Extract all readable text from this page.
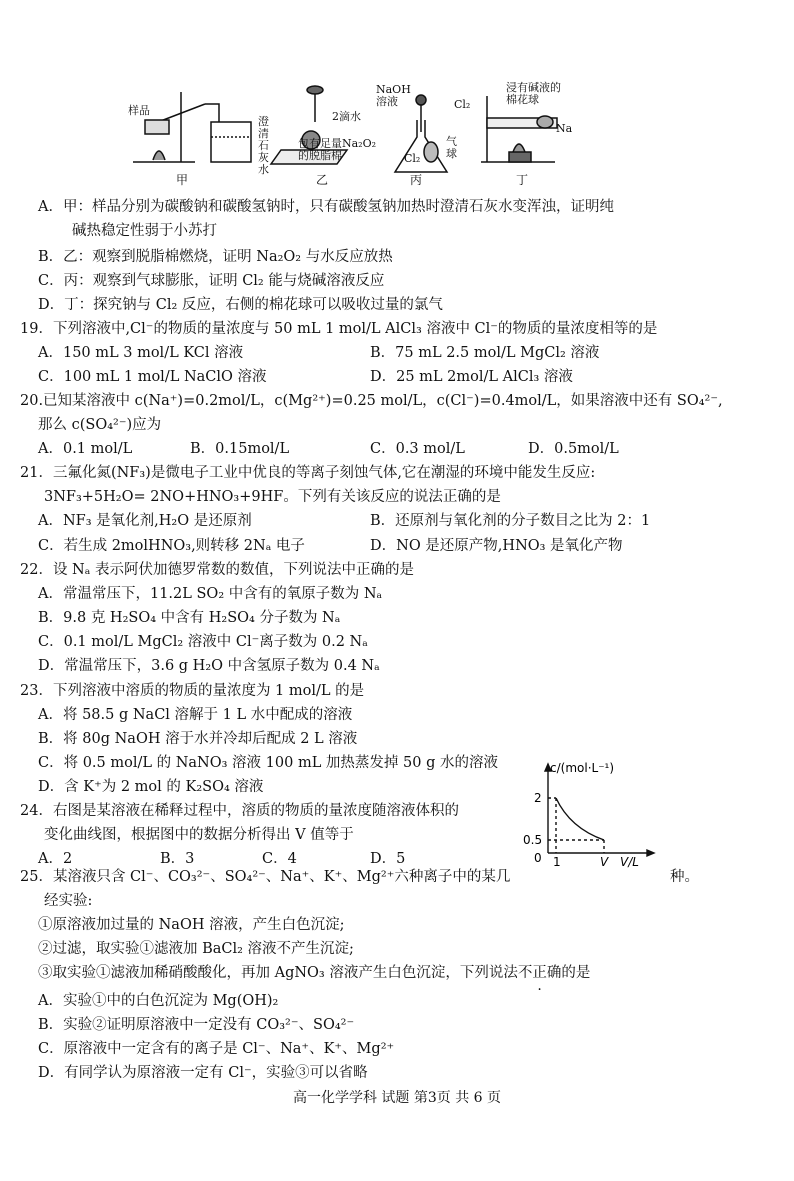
样品
澄清石灰水
甲
2滴水
包有足量Na₂O₂的脱脂棉
乙
NaOH溶液
Cl₂
气球
丙
浸有碱液的棉花球
Cl₂
Na
丁
A．甲：样品分别为碳酸钠和碳酸氢钠时，只有碳酸氢钠加热时澄清石灰水变浑浊，证明纯
碱热稳定性弱于小苏打
B．乙：观察到脱脂棉燃烧，证明 Na₂O₂ 与水反应放热
C．丙：观察到气球膨胀，证明 Cl₂ 能与烧碱溶液反应
D．丁：探究钠与 Cl₂ 反应，右侧的棉花球可以吸收过量的氯气
19．下列溶液中,Cl⁻的物质的量浓度与 50 mL 1 mol/L AlCl₃ 溶液中 Cl⁻的物质的量浓度相等的是
A．150 mL 3 mol/L KCl 溶液	B．75 mL 2.5 mol/L MgCl₂ 溶液
C．100 mL 1 mol/L NaClO 溶液	D．25 mL 2mol/L AlCl₃ 溶液
20.已知某溶液中 c(Na⁺)=0.2mol/L，c(Mg²⁺)=0.25 mol/L，c(Cl⁻)=0.4mol/L，如果溶液中还有 SO₄²⁻,
那么 c(SO₄²⁻)应为
A．0.1 mol/L	B．0.15mol/L	C．0.3 mol/L	D．0.5mol/L
21．三氟化氮(NF₃)是微电子工业中优良的等离子刻蚀气体,它在潮湿的环境中能发生反应:
3NF₃+5H₂O= 2NO+HNO₃+9HF。下列有关该反应的说法正确的是
A．NF₃ 是氧化剂,H₂O 是还原剂	B．还原剂与氧化剂的分子数目之比为 2：1
C．若生成 2molHNO₃,则转移 2Nₐ 电子	D．NO 是还原产物,HNO₃ 是氧化产物
22．设 Nₐ 表示阿伏加德罗常数的数值，下列说法中正确的是
A．常温常压下，11.2L SO₂ 中含有的氧原子数为 Nₐ
B．9.8 克 H₂SO₄ 中含有 H₂SO₄ 分子数为 Nₐ
C．0.1 mol/L MgCl₂ 溶液中 Cl⁻离子数为 0.2 Nₐ
D．常温常压下，3.6 g H₂O 中含氢原子数为 0.4 Nₐ
23．下列溶液中溶质的物质的量浓度为 1 mol/L 的是
A．将 58.5 g NaCl 溶解于 1 L 水中配成的溶液
B．将 80g NaOH 溶于水并冷却后配成 2 L 溶液
C．将 0.5 mol/L 的 NaNO₃ 溶液 100 mL 加热蒸发掉 50 g 水的溶液
D．含 K⁺为 2 mol 的 K₂SO₄ 溶液
24．右图是某溶液在稀释过程中，溶质的物质的量浓度随溶液体积的
变化曲线图，根据图中的数据分析得出 V 值等于
A．2	B．3	C．4	D．5
c/(mol·L⁻¹)
2
0.5
0 1	V V/L
25．某溶液只含 Cl⁻、CO₃²⁻、SO₄²⁻、Na⁺、K⁺、Mg²⁺六种离子中的某几	种。
经实验:
①原溶液加过量的 NaOH 溶液，产生白色沉淀;
②过滤，取实验①滤液加 BaCl₂ 溶液不产生沉淀;
③取实验①滤液加稀硝酸酸化，再加 AgNO₃ 溶液产生白色沉淀，下列说法不正确的是
A．实验①中的白色沉淀为 Mg(OH)₂
B．实验②证明原溶液中一定没有 CO₃²⁻、SO₄²⁻
C．原溶液中一定含有的离子是 Cl⁻、Na⁺、K⁺、Mg²⁺
D．有同学认为原溶液一定有 Cl⁻，实验③可以省略
高一化学学科 试题 第3页 共 6 页
